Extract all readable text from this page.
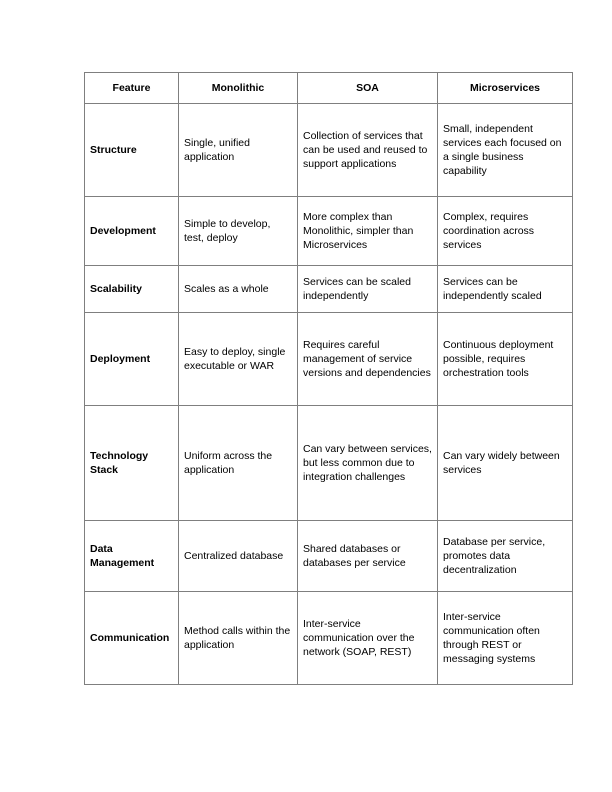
Feature	Monolithic	SOA	Microservices
Structure	Single, unified application	Collection of services that can be used and reused to support applications	Small, independent services each focused on a single business capability
Development	Simple to develop, test, deploy	More complex than Monolithic, simpler than Microservices	Complex, requires coordination across services
Scalability	Scales as a whole	Services can be scaled independently	Services can be independently scaled
Deployment	Easy to deploy, single executable or WAR	Requires careful management of service versions and dependencies	Continuous deployment possible, requires orchestration tools
Technology Stack	Uniform across the application	Can vary between services, but less common due to integration challenges	Can vary widely between services
Data Management	Centralized database	Shared databases or databases per service	Database per service, promotes data decentralization
Communication	Method calls within the application	Inter-service communication over the network (SOAP, REST)	Inter-service communication often through REST or messaging systems
